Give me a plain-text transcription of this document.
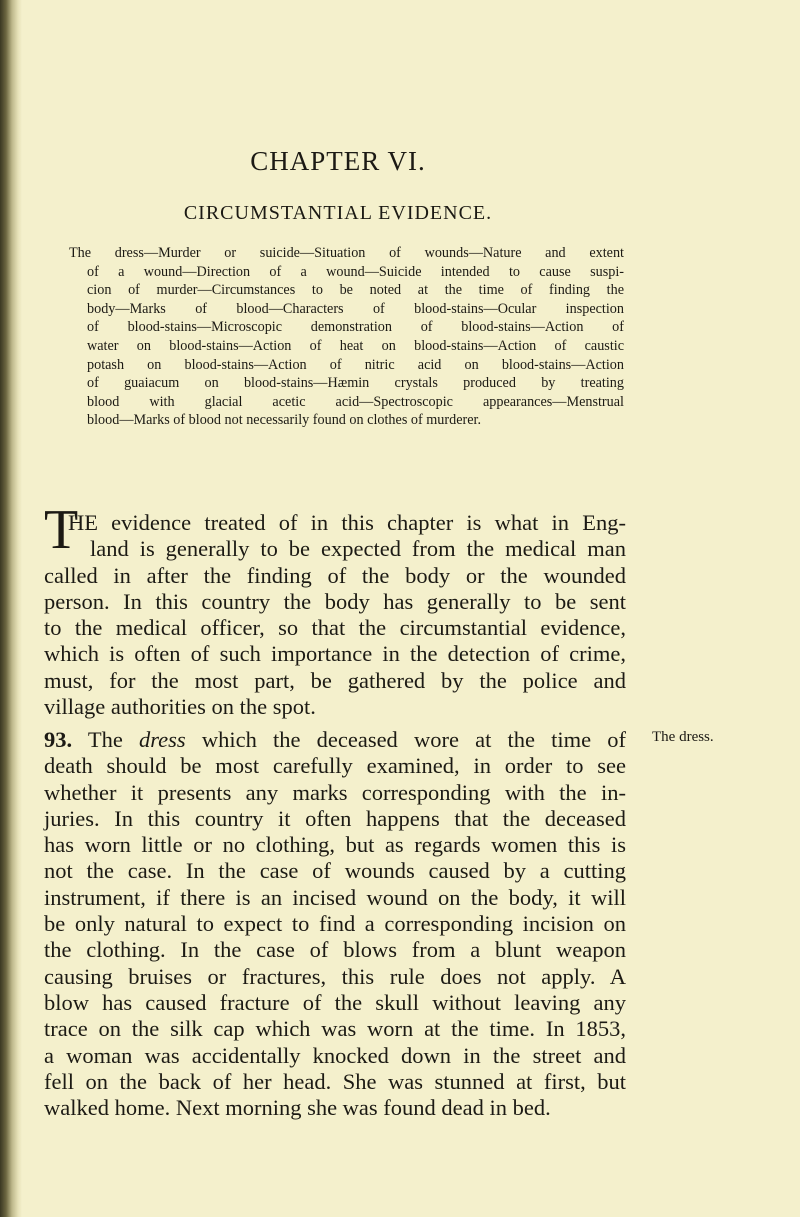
CHAPTER VI.
CIRCUMSTANTIAL EVIDENCE.
The dress—Murder or suicide—Situation of wounds—Nature and extent
of a wound—Direction of a wound—Suicide intended to cause suspi-
cion of murder—Circumstances to be noted at the time of finding the
body—Marks of blood—Characters of blood-stains—Ocular inspection
of blood-stains—Microscopic demonstration of blood-stains—Action of
water on blood-stains—Action of heat on blood-stains—Action of caustic
potash on blood-stains—Action of nitric acid on blood-stains—Action
of guaiacum on blood-stains—Hæmin crystals produced by treating
blood with glacial acetic acid—Spectroscopic appearances—Menstrual
blood—Marks of blood not necessarily found on clothes of murderer.
T
HE evidence treated of in this chapter is what in Eng-
land is generally to be expected from the medical man
called in after the finding of the body or the wounded
person. In this country the body has generally to be sent
to the medical officer, so that the circumstantial evidence,
which is often of such importance in the detection of crime,
must, for the most part, be gathered by the police and
village authorities on the spot.
93. The dress which the deceased wore at the time of
death should be most carefully examined, in order to see
whether it presents any marks corresponding with the in-
juries. In this country it often happens that the deceased
has worn little or no clothing, but as regards women this is
not the case. In the case of wounds caused by a cutting
instrument, if there is an incised wound on the body, it will
be only natural to expect to find a corresponding incision on
the clothing. In the case of blows from a blunt weapon
causing bruises or fractures, this rule does not apply. A
blow has caused fracture of the skull without leaving any
trace on the silk cap which was worn at the time. In 1853,
a woman was accidentally knocked down in the street and
fell on the back of her head. She was stunned at first, but
walked home. Next morning she was found dead in bed.
The dress.
